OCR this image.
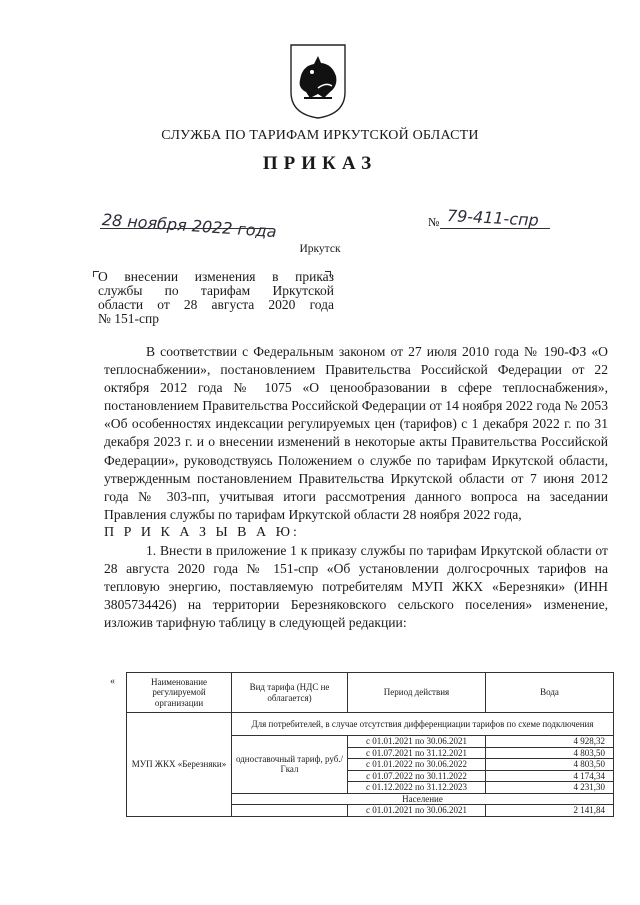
СЛУЖБА ПО ТАРИФАМ ИРКУТСКОЙ ОБЛАСТИ
ПРИКАЗ
28 ноября 2022 года	№ 79-411-спр
Иркутск

О внесении изменения в приказ

службы по тарифам Иркутской

области от 28 августа 2020 года

№ 151-спр

В соответствии с Федеральным законом от 27 июля 2010 года № 190-ФЗ «О теплоснабжении», постановлением Правительства Российской Федерации от 22 октября 2012 года № 1075 «О ценообразовании в сфере теплоснабжения», постановлением Правительства Российской Федерации от 14 ноября 2022 года № 2053 «Об особенностях индексации регулируемых цен (тарифов) с 1 декабря 2022 г. по 31 декабря 2023 г. и о внесении изменений в некоторые акты Правительства Российской Федерации», руководствуясь Положением о службе по тарифам Иркутской области, утвержденным постановлением Правительства Иркутской области от 7 июня 2012 года № 303-пп, учитывая итоги рассмотрения данного вопроса на заседании Правления службы по тарифам Иркутской области 28 ноября 2022 года,

П Р И К А З Ы В А Ю:

1. Внести в приложение 1 к приказу службы по тарифам Иркутской области от 28 августа 2020 года № 151-спр «Об установлении долгосрочных тарифов на тепловую энергию, поставляемую потребителям МУП ЖКХ «Березняки» (ИНН 3805734426) на территории Березняковского сельского поселения» изменение, изложив тарифную таблицу в следующей редакции:

«	Наименование регулируемой организации	Вид тарифа (НДС не облагается)	Период действия	Вода
МУП ЖКХ «Березняки»	Для потребителей, в случае отсутствия дифференциации тарифов по схеме подключения		
	одноставочный тариф, руб./Гкал	с 01.01.2021 по 30.06.2021	4 928,32
		с 01.07.2021 по 31.12.2021	4 803,50
		с 01.01.2022 по 30.06.2022	4 803,50
		с 01.07.2022 по 30.11.2022	4 174,34
		с 01.12.2022 по 31.12.2023	4 231,30
	Население		
		с 01.01.2021 по 30.06.2021	2 141,84
